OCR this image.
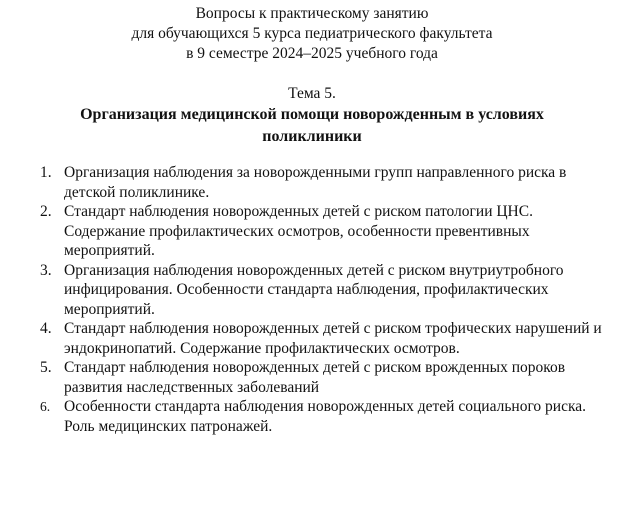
Вопросы к практическому занятию
для обучающихся 5 курса педиатрического факультета
в 9 семестре 2024–2025 учебного года
Тема 5.
Организация медицинской помощи новорожденным в условиях поликлиники
1. Организация наблюдения за новорожденными групп направленного риска в детской поликлинике.
2. Стандарт наблюдения новорожденных детей с риском патологии ЦНС. Содержание профилактических осмотров, особенности превентивных мероприятий.
3. Организация наблюдения новорожденных детей с риском внутриутробного инфицирования. Особенности стандарта наблюдения, профилактических мероприятий.
4. Стандарт наблюдения новорожденных детей с риском трофических нарушений и эндокринопатий. Содержание профилактических осмотров.
5. Стандарт наблюдения новорожденных детей с риском врожденных пороков развития наследственных заболеваний
6. Особенности стандарта наблюдения новорожденных детей социального риска. Роль медицинских патронажей.
